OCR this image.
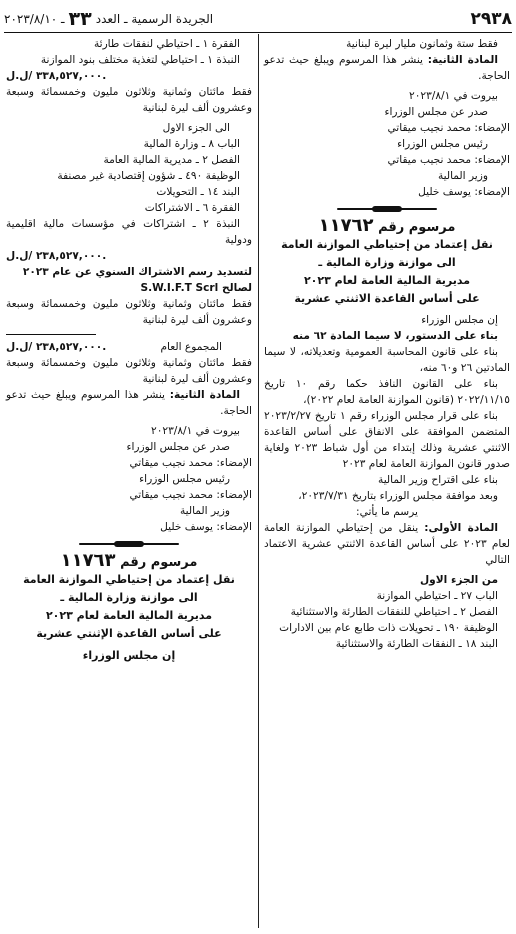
٢٩٣٨
الجريدة الرسمية ـ العدد
٣٣
ـ ٢٠٢٣/٨/١٠

فقط ستة وثمانون مليار ليرة لبنانية

المادة الثانية: ينشر هذا المرسوم ويبلغ حيث تدعو الحاجة.

بيروت في ٢٠٢٣/٨/١

صدر عن مجلس الوزراء

الإمضاء: محمد نجيب ميقاتي

رئيس مجلس الوزراء

الإمضاء: محمد نجيب ميقاتي

وزير المالية

الإمضاء: يوسف خليل

مرسوم رقم ١١٧٦٢
نقل إعتماد من إحتياطي الموازنة العامة
الى موازنة وزارة المالية ـ
مديرية المالية العامة لعام ٢٠٢٣
على أساس القاعدة الاثنتي عشرية

إن مجلس الوزراء

بناء على الدستور، لا سيما المادة ٦٢ منه

بناء على قانون المحاسبة العمومية وتعديلاته، لا سيما المادتين ٢٦ و٦٠ منه،

بناء على القانون النافذ حكما رقم ١٠ تاريخ ٢٠٢٢/١١/١٥ (قانون الموازنة العامة لعام ٢٠٢٢)،

بناء على قرار مجلس الوزراء رقم ١ تاريخ ٢٠٢٣/٢/٢٧ المتضمن الموافقة على الانفاق على أساس القاعدة الاثنتي عشرية وذلك إبتداء من أول شباط ٢٠٢٣ ولغاية صدور قانون الموازنة العامة لعام ٢٠٢٣

بناء على اقتراح وزير المالية

وبعد موافقة مجلس الوزراء بتاريخ ٢٠٢٣/٧/٣١،

يرسم ما يأتي:

المادة الأولى: ينقل من إحتياطي الموازنة العامة لعام ٢٠٢٣ على أساس القاعدة الاثنتي عشرية الاعتماد التالي

من الجزء الاول

الباب ٢٧ ـ احتياطي الموازنة

الفصل ٢ ـ احتياطي للنفقات الطارئة والاستثنائية

الوظيفة ١٩٠ ـ تحويلات ذات طابع عام بين الادارات

البند ١٨ ـ النفقات الطارئة والاستثنائية

الفقرة ١ ـ احتياطي لنفقات طارئة

النبذة ١ ـ احتياطي لتغذية مختلف بنود الموازنة

٣٣٨,٥٢٧,٠٠٠ /ل.ل.

فقط مائتان وثمانية وثلاثون مليون وخمسمائة وسبعة وعشرون ألف ليرة لبنانية

الى الجزء الاول

الباب ٨ ـ وزارة المالية

الفصل ٢ ـ مديرية المالية العامة

الوظيفة ٤٩٠ ـ شؤون إقتصادية غير مصنفة

البند ١٤ ـ التحويلات

الفقرة ٦ ـ الاشتراكات

النبذة ٢ ـ اشتراكات في مؤسسات مالية اقليمية ودولية

٢٣٨,٥٢٧,٠٠٠ /ل.ل.

لتسديد رسم الاشتراك السنوي عن عام ٢٠٢٣

لصالح S.W.I.F.T Scrl

فقط مائتان وثمانية وثلاثون مليون وخمسمائة وسبعة وعشرون ألف ليرة لبنانية

المجموع العام
٢٣٨,٥٢٧,٠٠٠ /ل.ل.

فقط مائتان وثمانية وثلاثون مليون وخمسمائة وسبعة وعشرون ألف ليرة لبنانية

المادة الثانية: ينشر هذا المرسوم ويبلغ حيث تدعو الحاجة.

بيروت في ٢٠٢٣/٨/١

صدر عن مجلس الوزراء

الإمضاء: محمد نجيب ميقاتي

رئيس مجلس الوزراء

الإمضاء: محمد نجيب ميقاتي

وزير المالية

الإمضاء: يوسف خليل

مرسوم رقم ١١٧٦٣
نقل إعتماد من إحتياطي الموازنة العامة
الى موازنة وزارة المالية ـ
مديرية المالية العامة لعام ٢٠٢٣
على أساس القاعدة الإثنتي عشرية
إن مجلس الوزراء
